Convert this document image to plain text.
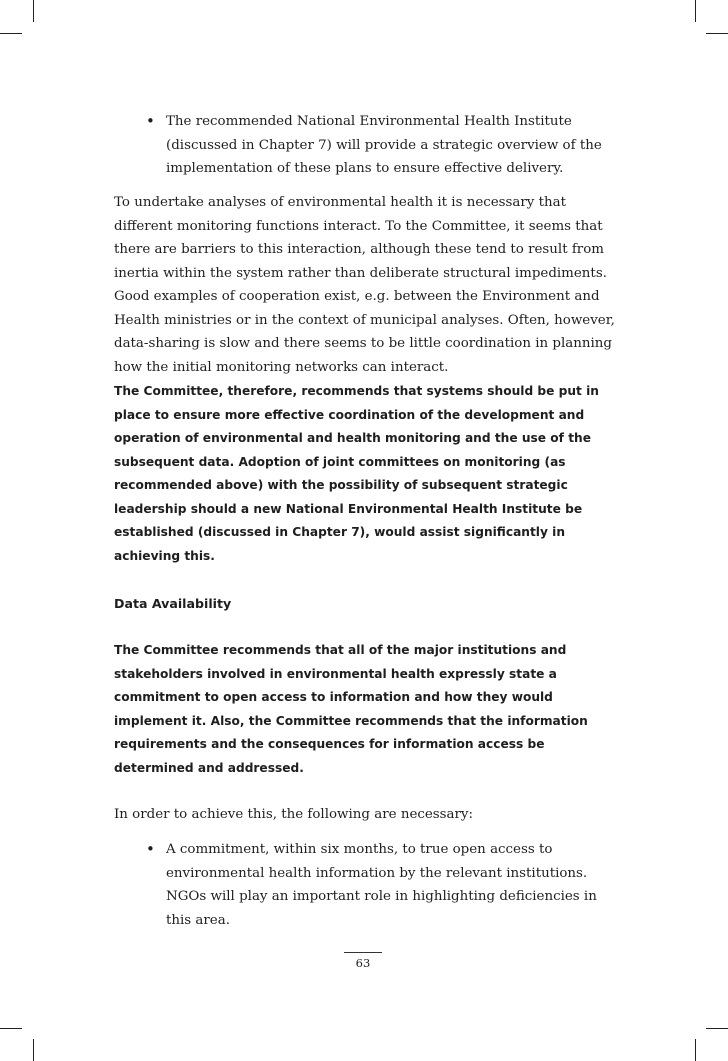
• The recommended National Environmental Health Institute (discussed in Chapter 7) will provide a strategic overview of the implementation of these plans to ensure effective delivery.

To undertake analyses of environmental health it is necessary that different monitoring functions interact. To the Committee, it seems that there are barriers to this interaction, although these tend to result from inertia within the system rather than deliberate structural impediments. Good examples of cooperation exist, e.g. between the Environment and Health ministries or in the context of municipal analyses. Often, however, data-sharing is slow and there seems to be little coordination in planning how the initial monitoring networks can interact.

The Committee, therefore, recommends that systems should be put in place to ensure more effective coordination of the development and operation of environmental and health monitoring and the use of the subsequent data. Adoption of joint committees on monitoring (as recommended above) with the possibility of subsequent strategic leadership should a new National Environmental Health Institute be established (discussed in Chapter 7), would assist significantly in achieving this.

Data Availability

The Committee recommends that all of the major institutions and stakeholders involved in environmental health expressly state a commitment to open access to information and how they would implement it. Also, the Committee recommends that the information requirements and the consequences for information access be determined and addressed.

In order to achieve this, the following are necessary:

• A commitment, within six months, to true open access to environmental health information by the relevant institutions. NGOs will play an important role in highlighting deficiencies in this area.
63
